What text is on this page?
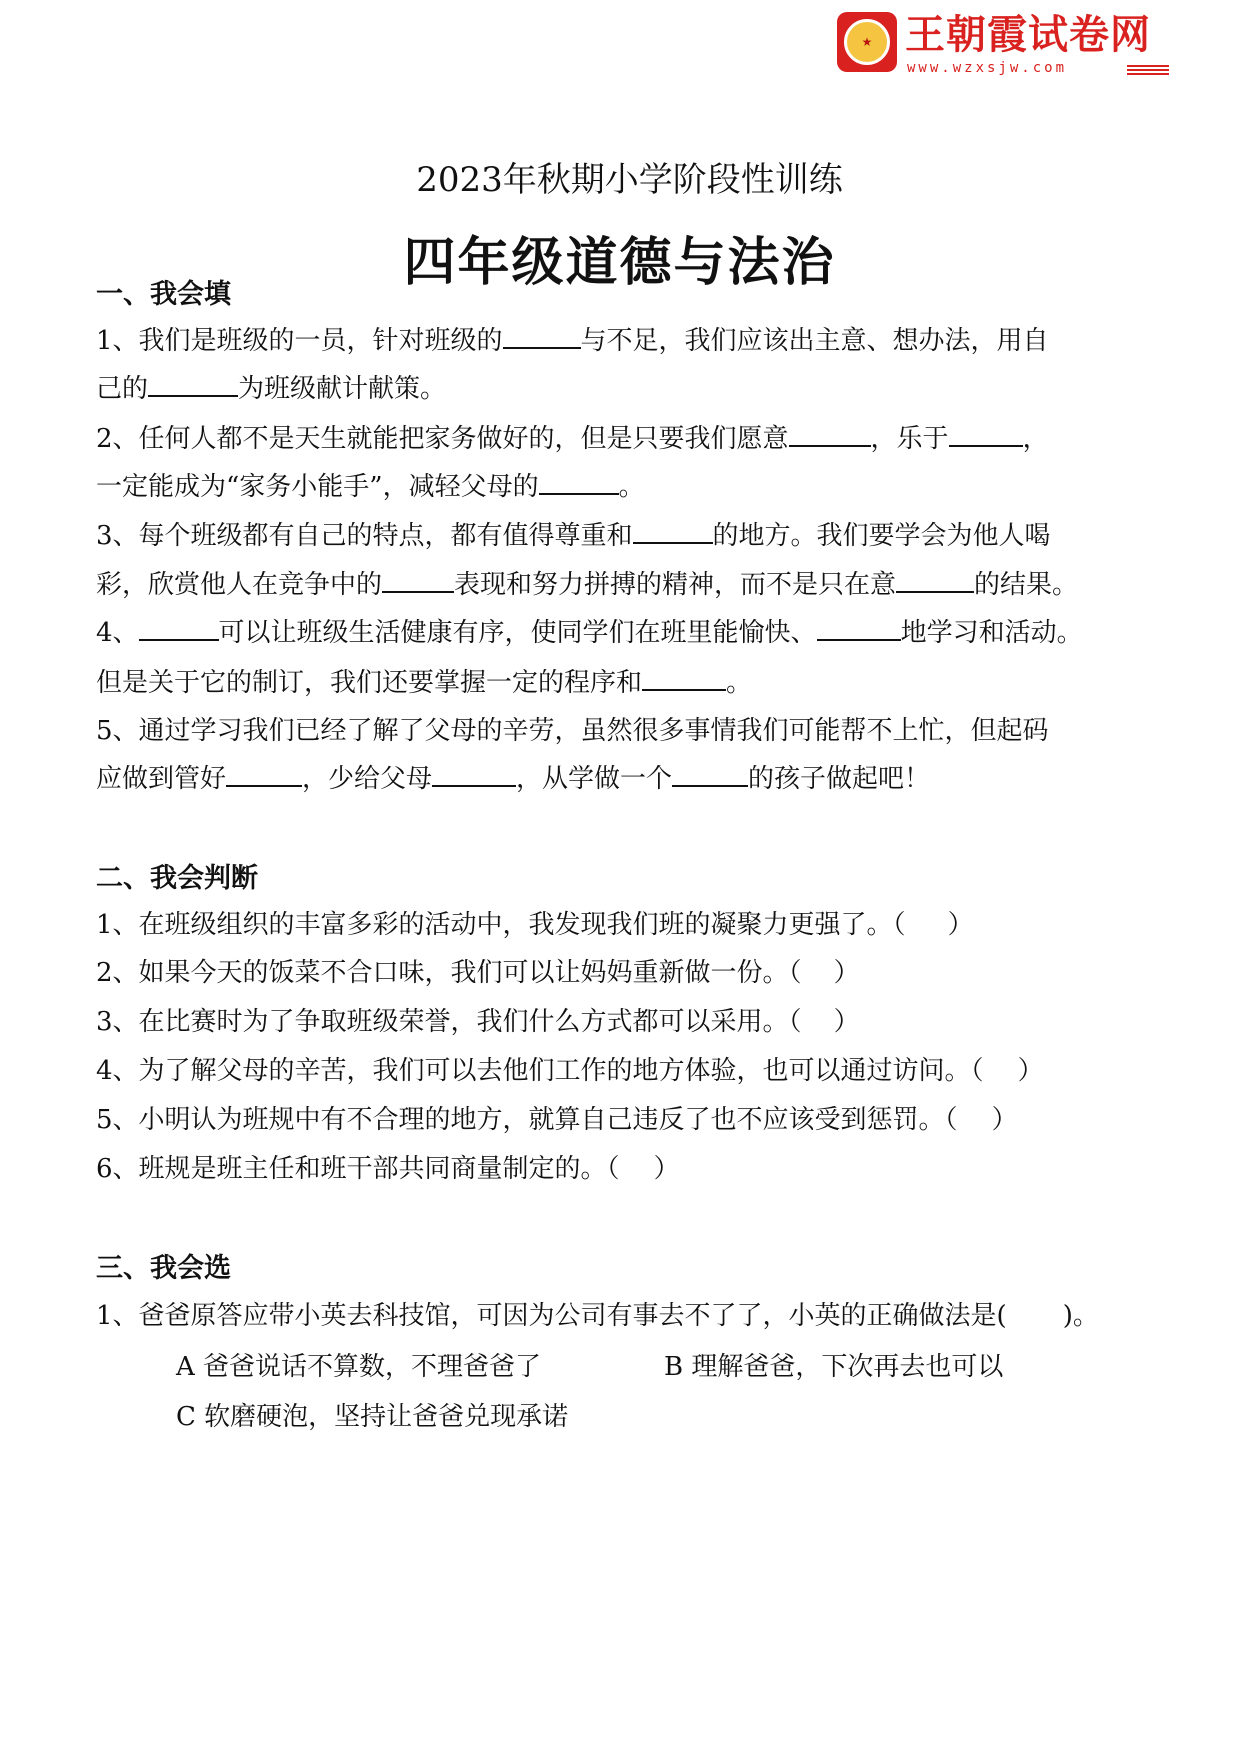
★ 王朝霞试卷网
www.wzxsjw.com
2023年秋期小学阶段性训练
四年级道德与法治
一、我会填
1、我们是班级的一员，针对班级的	与不足，我们应该出主意、想办法，用自
己的	为班级献计献策。
2、任何人都不是天生就能把家务做好的，但是只要我们愿意	，乐于	，
一定能成为“家务小能手”，减轻父母的	。
3、每个班级都有自己的特点，都有值得尊重和	的地方。我们要学会为他人喝
彩，欣赏他人在竞争中的	表现和努力拼搏的精神，而不是只在意	的结果。
4、	可以让班级生活健康有序，使同学们在班里能愉快、	地学习和活动。
但是关于它的制订，我们还要掌握一定的程序和	。
5、通过学习我们已经了解了父母的辛劳，虽然很多事情我们可能帮不上忙，但起码
应做到管好	，少给父母	，从学做一个	的孩子做起吧！
二、我会判断
1、在班级组织的丰富多彩的活动中，我发现我们班的凝聚力更强了。（ ）
2、如果今天的饭菜不合口味，我们可以让妈妈重新做一份。（ ）
3、在比赛时为了争取班级荣誉，我们什么方式都可以采用。（ ）
4、为了解父母的辛苦，我们可以去他们工作的地方体验，也可以通过访问。（ ）
5、小明认为班规中有不合理的地方，就算自己违反了也不应该受到惩罚。（ ）
6、班规是班主任和班干部共同商量制定的。（ ）
三、我会选
1、爸爸原答应带小英去科技馆，可因为公司有事去不了了，小英的正确做法是( )。
A 爸爸说话不算数，不理爸爸了	B 理解爸爸，下次再去也可以
C 软磨硬泡，坚持让爸爸兑现承诺
